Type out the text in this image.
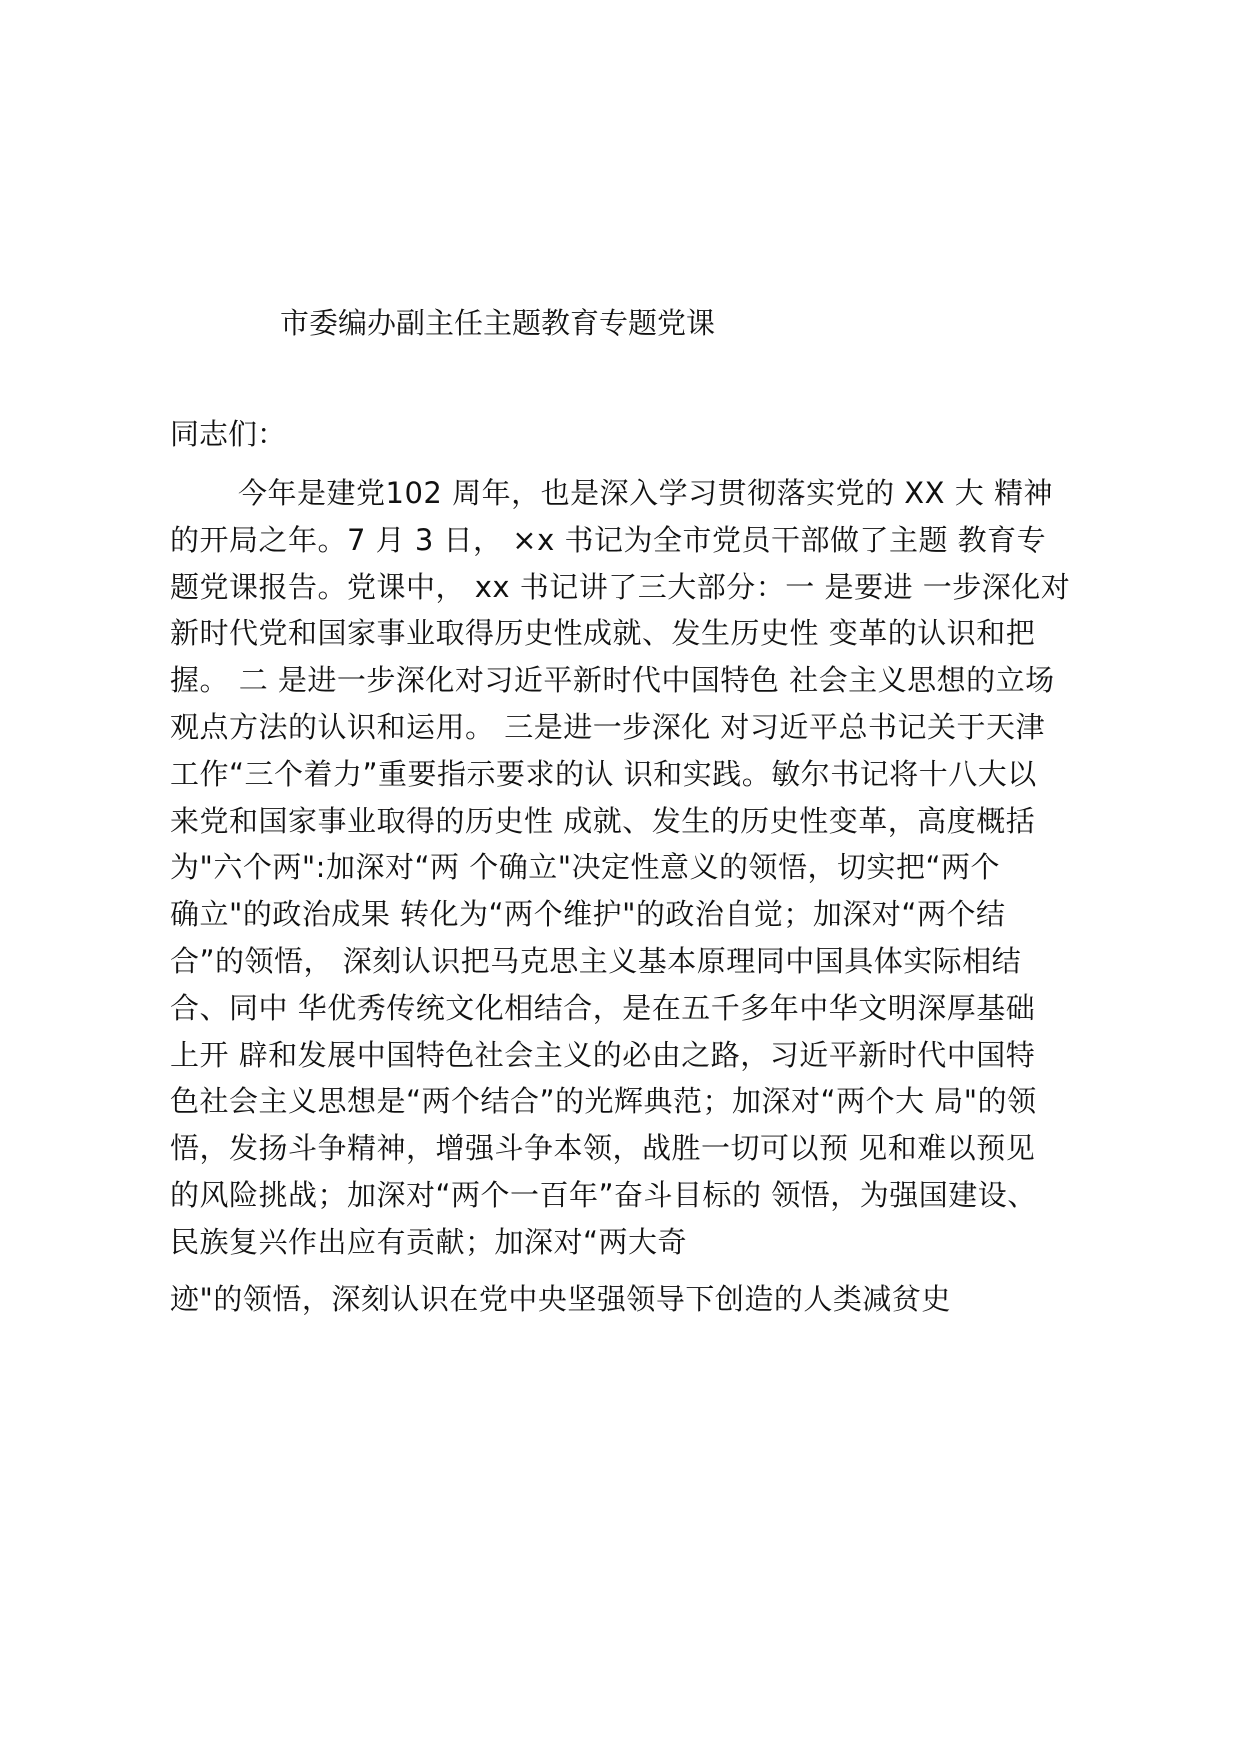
市委编办副主任主题教育专题党课
同志们：
今年是建党102 周年，也是深入学习贯彻落实党的 XX 大 精神
的开局之年。7 月 3 日， ×x 书记为全市党员干部做了主题 教育专
题党课报告。党课中， xx 书记讲了三大部分：一 是要进 一步深化对
新时代党和国家事业取得历史性成就、发生历史性 变革的认识和把
握。 二 是进一步深化对习近平新时代中国特色 社会主义思想的立场
观点方法的认识和运用。 三是进一步深化 对习近平总书记关于天津
工作“三个着力”重要指示要求的认 识和实践。敏尔书记将十八大以
来党和国家事业取得的历史性 成就、发生的历史性变革，高度概括
为"六个两":加深对“两 个确立"决定性意义的领悟，切实把“两个
确立"的政治成果 转化为“两个维护"的政治自觉；加深对“两个结
合”的领悟， 深刻认识把马克思主义基本原理同中国具体实际相结
合、同中 华优秀传统文化相结合，是在五千多年中华文明深厚基础
上开 辟和发展中国特色社会主义的必由之路，习近平新时代中国特
色社会主义思想是“两个结合”的光辉典范；加深对“两个大 局"的领
悟，发扬斗争精神，增强斗争本领，战胜一切可以预 见和难以预见
的风险挑战；加深对“两个一百年”奋斗目标的 领悟，为强国建设、
民族复兴作出应有贡献；加深对“两大奇
迹"的领悟，深刻认识在党中央坚强领导下创造的人类减贫史
